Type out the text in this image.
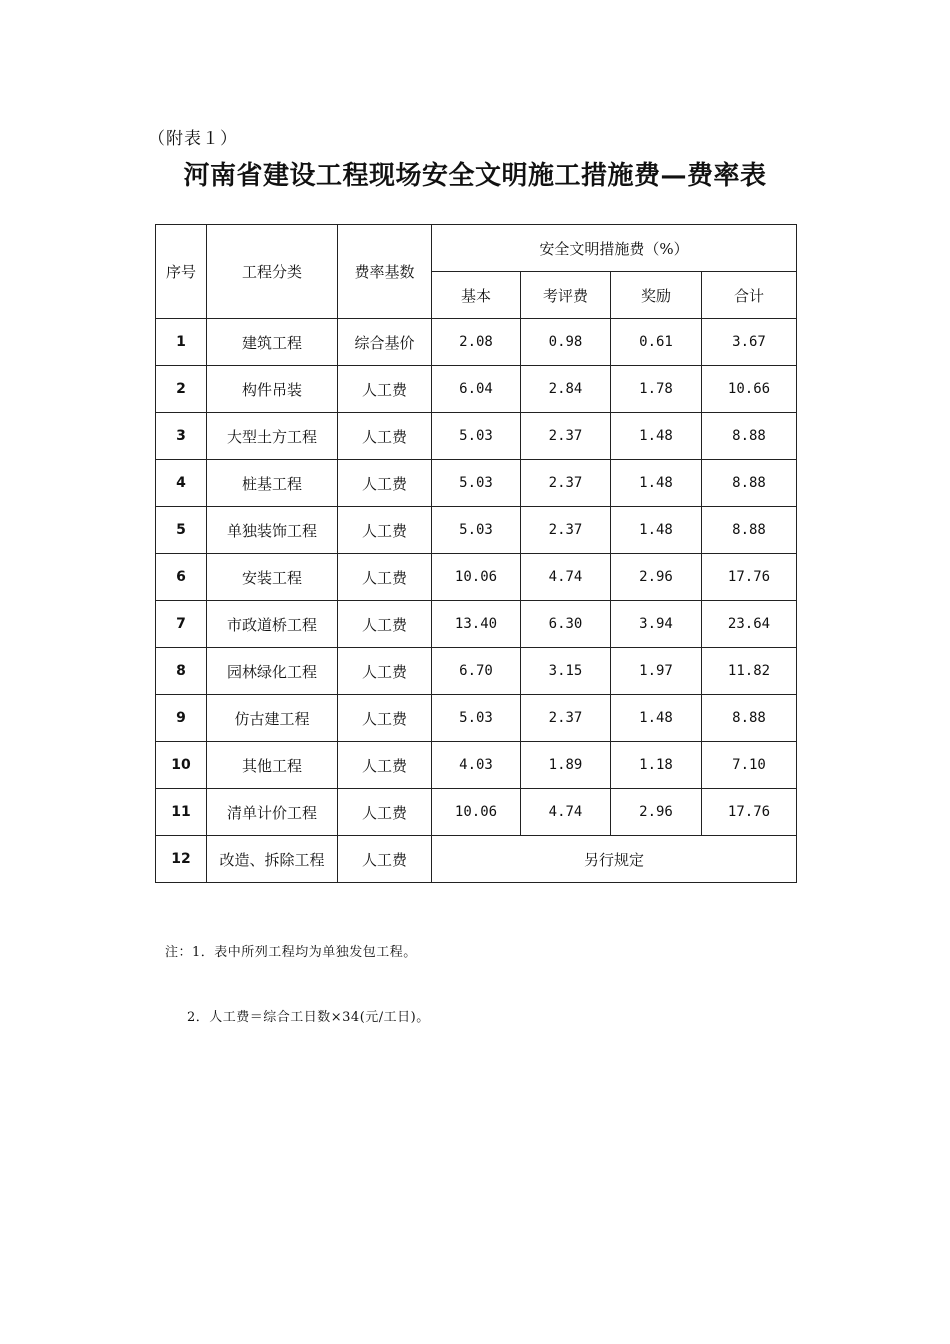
（附表１）
河南省建设工程现场安全文明施工措施费—费率表
序号	工程分类	费率基数	安全文明措施费（%）			
			基本	考评费	奖励	合计
1	建筑工程	综合基价	2.08	0.98	0.61	3.67
2	构件吊装	人工费	6.04	2.84	1.78	10.66
3	大型土方工程	人工费	5.03	2.37	1.48	8.88
4	桩基工程	人工费	5.03	2.37	1.48	8.88
5	单独装饰工程	人工费	5.03	2.37	1.48	8.88
6	安装工程	人工费	10.06	4.74	2.96	17.76
7	市政道桥工程	人工费	13.40	6.30	3.94	23.64
8	园林绿化工程	人工费	6.70	3.15	1.97	11.82
9	仿古建工程	人工费	5.03	2.37	1.48	8.88
10	其他工程	人工费	4.03	1.89	1.18	7.10
11	清单计价工程	人工费	10.06	4.74	2.96	17.76
12	改造、拆除工程	人工费	另行规定			
注：1．表中所列工程均为单独发包工程。
2．人工费＝综合工日数×34(元/工日)。
